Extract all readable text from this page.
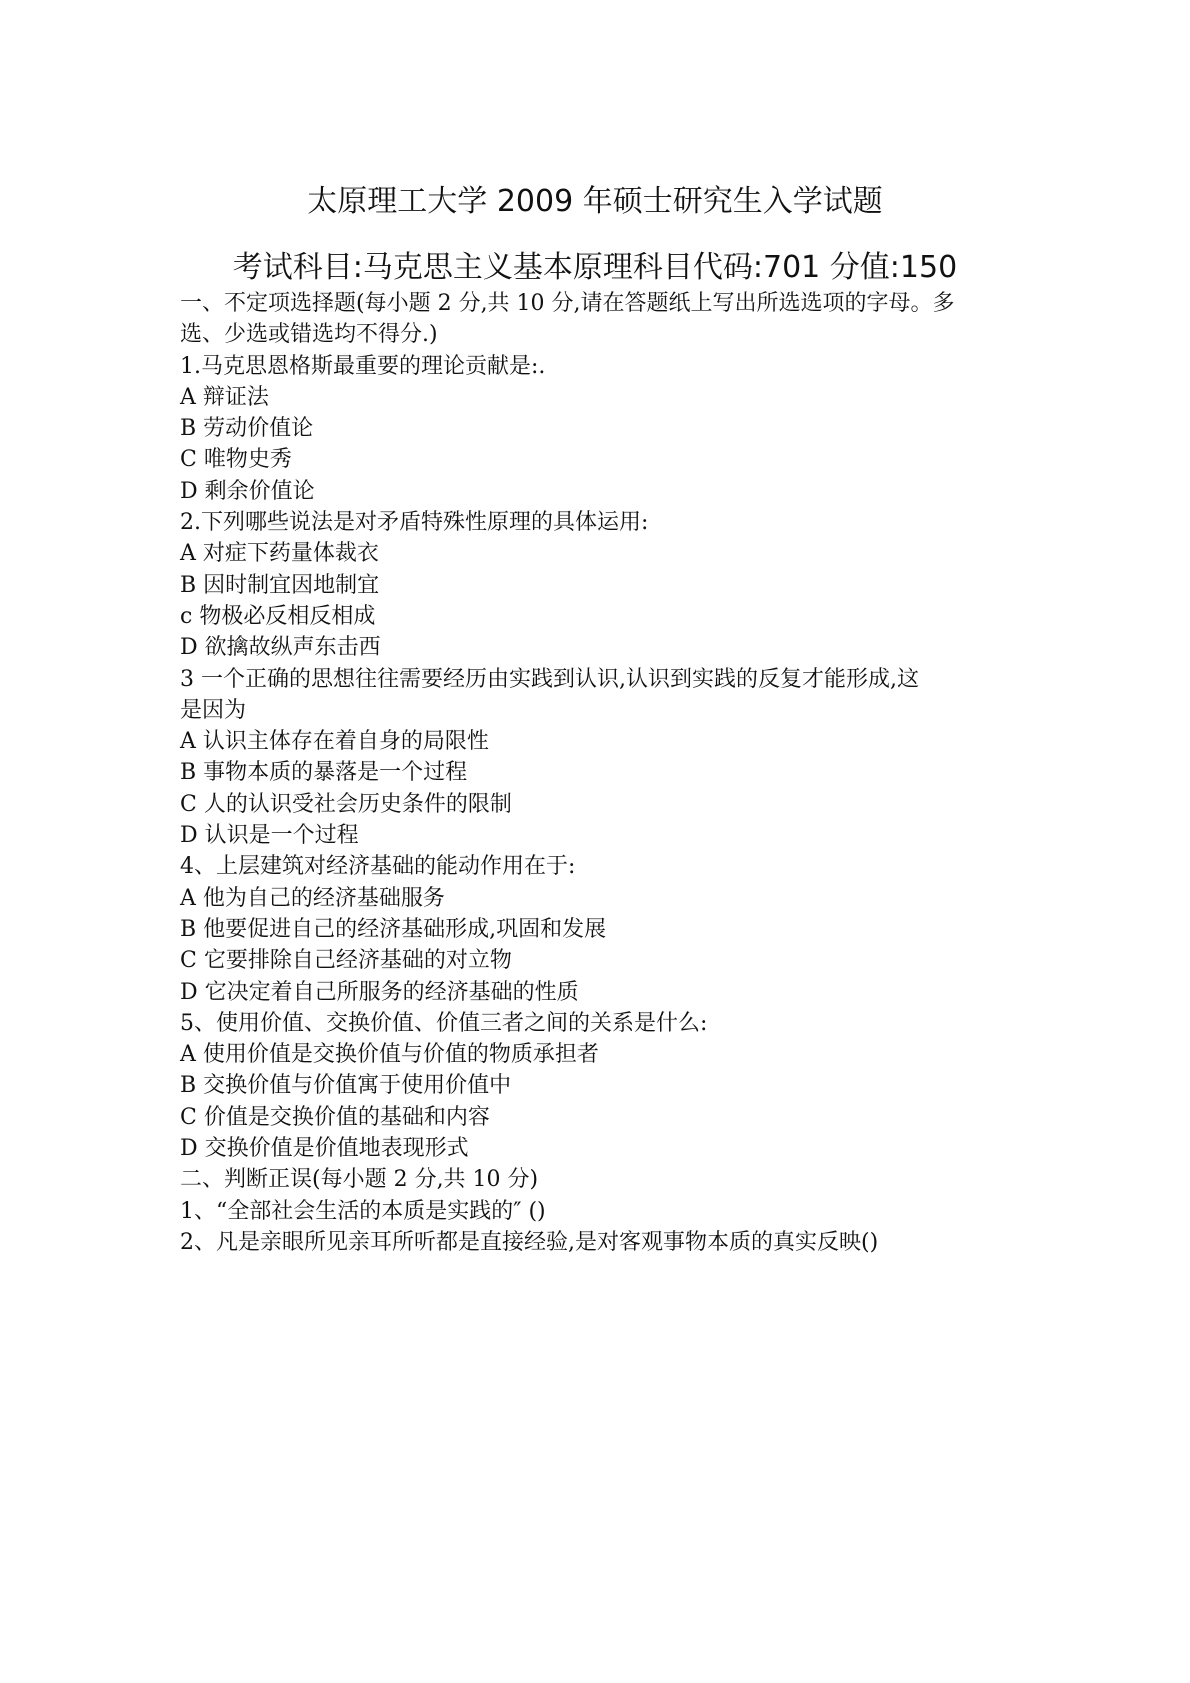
太原理工大学 2009 年硕士研究生入学试题
考试科目:马克思主义基本原理科目代码:701 分值:150
一、不定项选择题(每小题 2 分,共 10 分,请在答题纸上写出所选选项的字母。多
选、少选或错选均不得分.)
1.马克思恩格斯最重要的理论贡献是:.
A 辩证法
B 劳动价值论
C 唯物史秀
D 剩余价值论
2.下列哪些说法是对矛盾特殊性原理的具体运用:
A 对症下药量体裁衣
B 因时制宜因地制宜
c 物极必反相反相成
D 欲擒故纵声东击西
3 一个正确的思想往往需要经历由实践到认识,认识到实践的反复才能形成,这
是因为
A 认识主体存在着自身的局限性
B 事物本质的暴落是一个过程
C 人的认识受社会历史条件的限制
D 认识是一个过程
4、上层建筑对经济基础的能动作用在于:
A 他为自己的经济基础服务
B 他要促进自己的经济基础形成,巩固和发展
C 它要排除自己经济基础的对立物
D 它决定着自己所服务的经济基础的性质
5、使用价值、交换价值、价值三者之间的关系是什么:
A 使用价值是交换价值与价值的物质承担者
B 交换价值与价值寓于使用价值中
C 价值是交换价值的基础和内容
D 交换价值是价值地表现形式
二、判断正误(每小题 2 分,共 10 分)
1、“全部社会生活的本质是实践的″ ()
2、凡是亲眼所见亲耳所听都是直接经验,是对客观事物本质的真实反映()
